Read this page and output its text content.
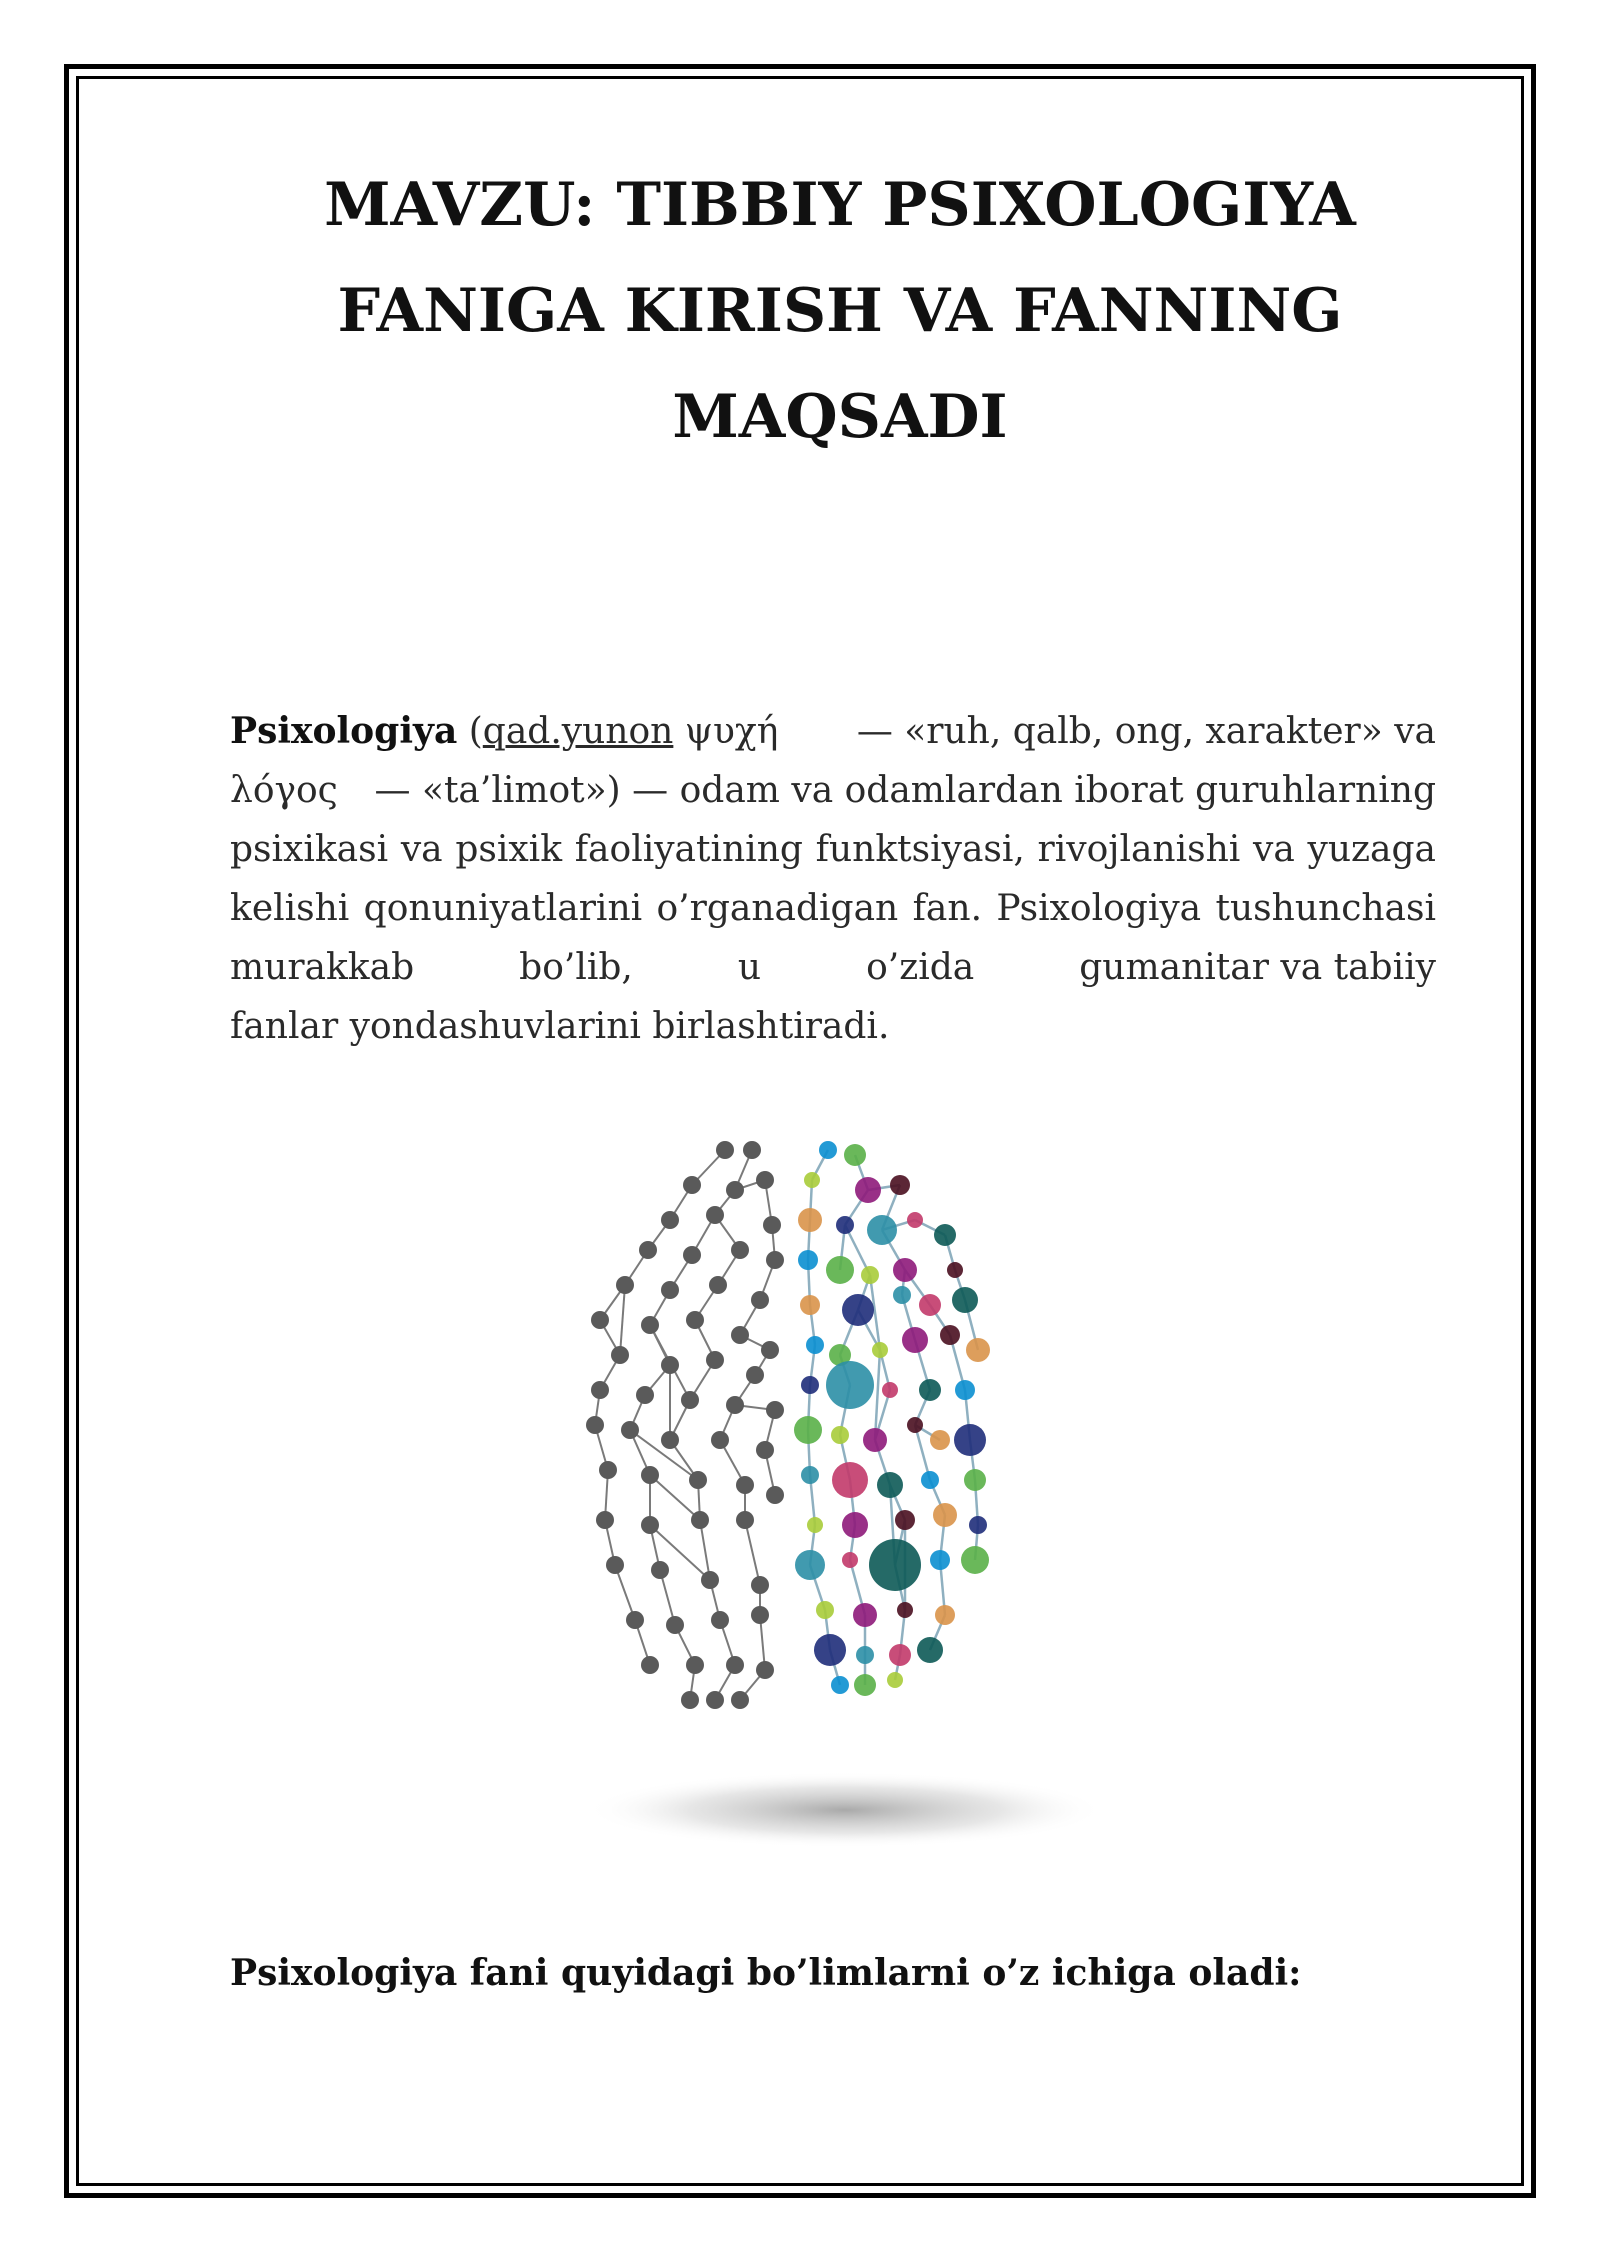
MAVZU: TIBBIY PSIXOLOGIYA
FANIGA KIRISH VA FANNING
MAQSADI
Psixologiya (qad.yunon ψυχή — «ruh, qalb, ong, xarakter» va
λόγος — «ta’limot») — odam va odamlardan iborat guruhlarning
psixikasi va psixik faoliyatining funktsiyasi, rivojlanishi va yuzaga
kelishi qonuniyatlarini o’rganadigan fan. Psixologiya tushunchasi
murakkab	bo’lib,	u	o’zida	gumanitar va tabiiy
fanlar yondashuvlarini birlashtiradi.

Psixologiya fani quyidagi bo’limlarni o’z ichiga oladi:
